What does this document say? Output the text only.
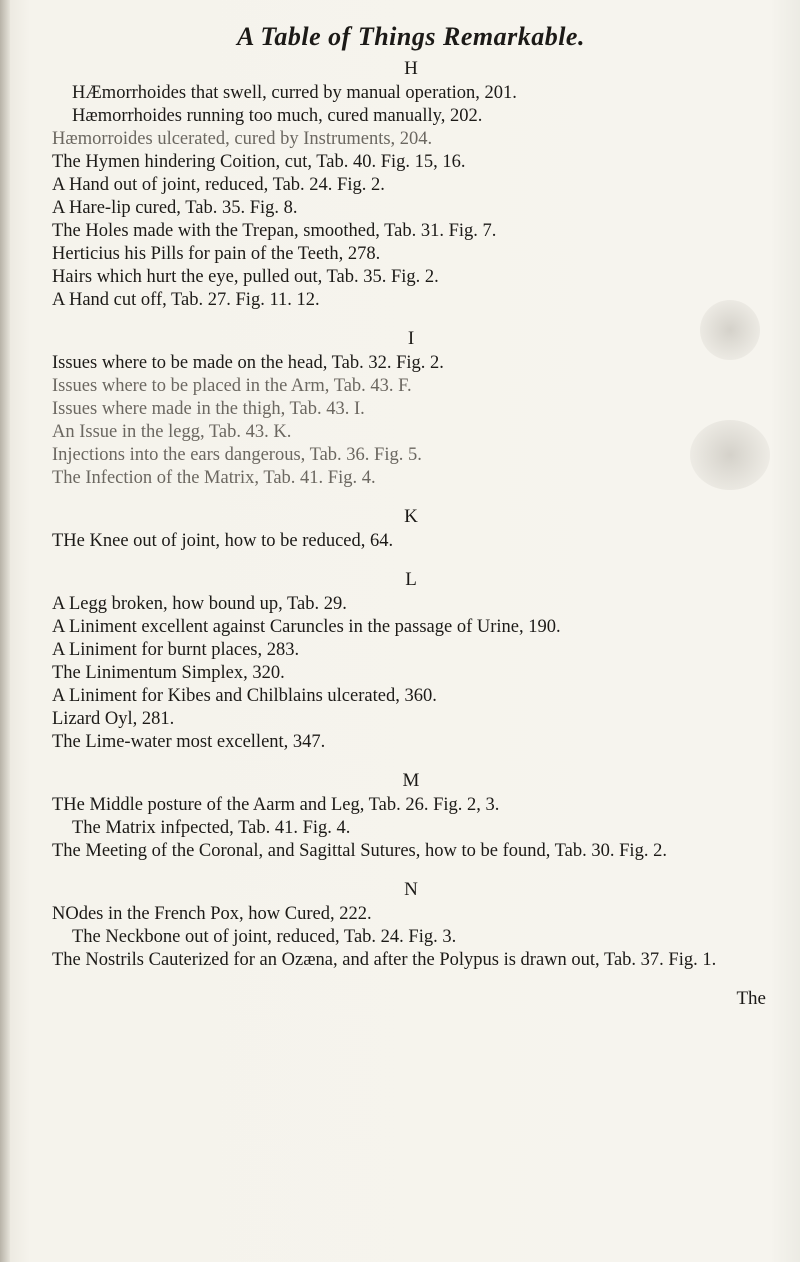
A Table of Things Remarkable.
H
HÆmorrhoides that swell, curred by manual operation, 201.
Hæmorrhoides running too much, cured manually, 202.
Hæmorroides ulcerated, cured by Instruments, 204.
The Hymen hindering Coition, cut, Tab. 40. Fig. 15, 16.
A Hand out of joint, reduced, Tab. 24. Fig. 2.
A Hare-lip cured, Tab. 35. Fig. 8.
The Holes made with the Trepan, smoothed, Tab. 31. Fig. 7.
Herticius his Pills for pain of the Teeth, 278.
Hairs which hurt the eye, pulled out, Tab. 35. Fig. 2.
A Hand cut off, Tab. 27. Fig. 11. 12.
I
Issues where to be made on the head, Tab. 32. Fig. 2.
Issues where to be placed in the Arm, Tab. 43. F.
Issues where made in the thigh, Tab. 43. I.
An Issue in the legg, Tab. 43. K.
Injections into the ears dangerous, Tab. 36. Fig. 5.
The Infection of the Matrix, Tab. 41. Fig. 4.
K
THe Knee out of joint, how to be reduced, 64.
L
A Legg broken, how bound up, Tab. 29.
A Liniment excellent against Caruncles in the passage of Urine, 190.
A Liniment for burnt places, 283.
The Linimentum Simplex, 320.
A Liniment for Kibes and Chilblains ulcerated, 360.
Lizard Oyl, 281.
The Lime-water most excellent, 347.
M
THe Middle posture of the Aarm and Leg, Tab. 26. Fig. 2, 3.
The Matrix infpected, Tab. 41. Fig. 4.
The Meeting of the Coronal, and Sagittal Sutures, how to be found, Tab. 30. Fig. 2.
N
NOdes in the French Pox, how Cured, 222.
The Neckbone out of joint, reduced, Tab. 24. Fig. 3.
The Nostrils Cauterized for an Ozæna, and after the Polypus is drawn out, Tab. 37. Fig. 1.
The
